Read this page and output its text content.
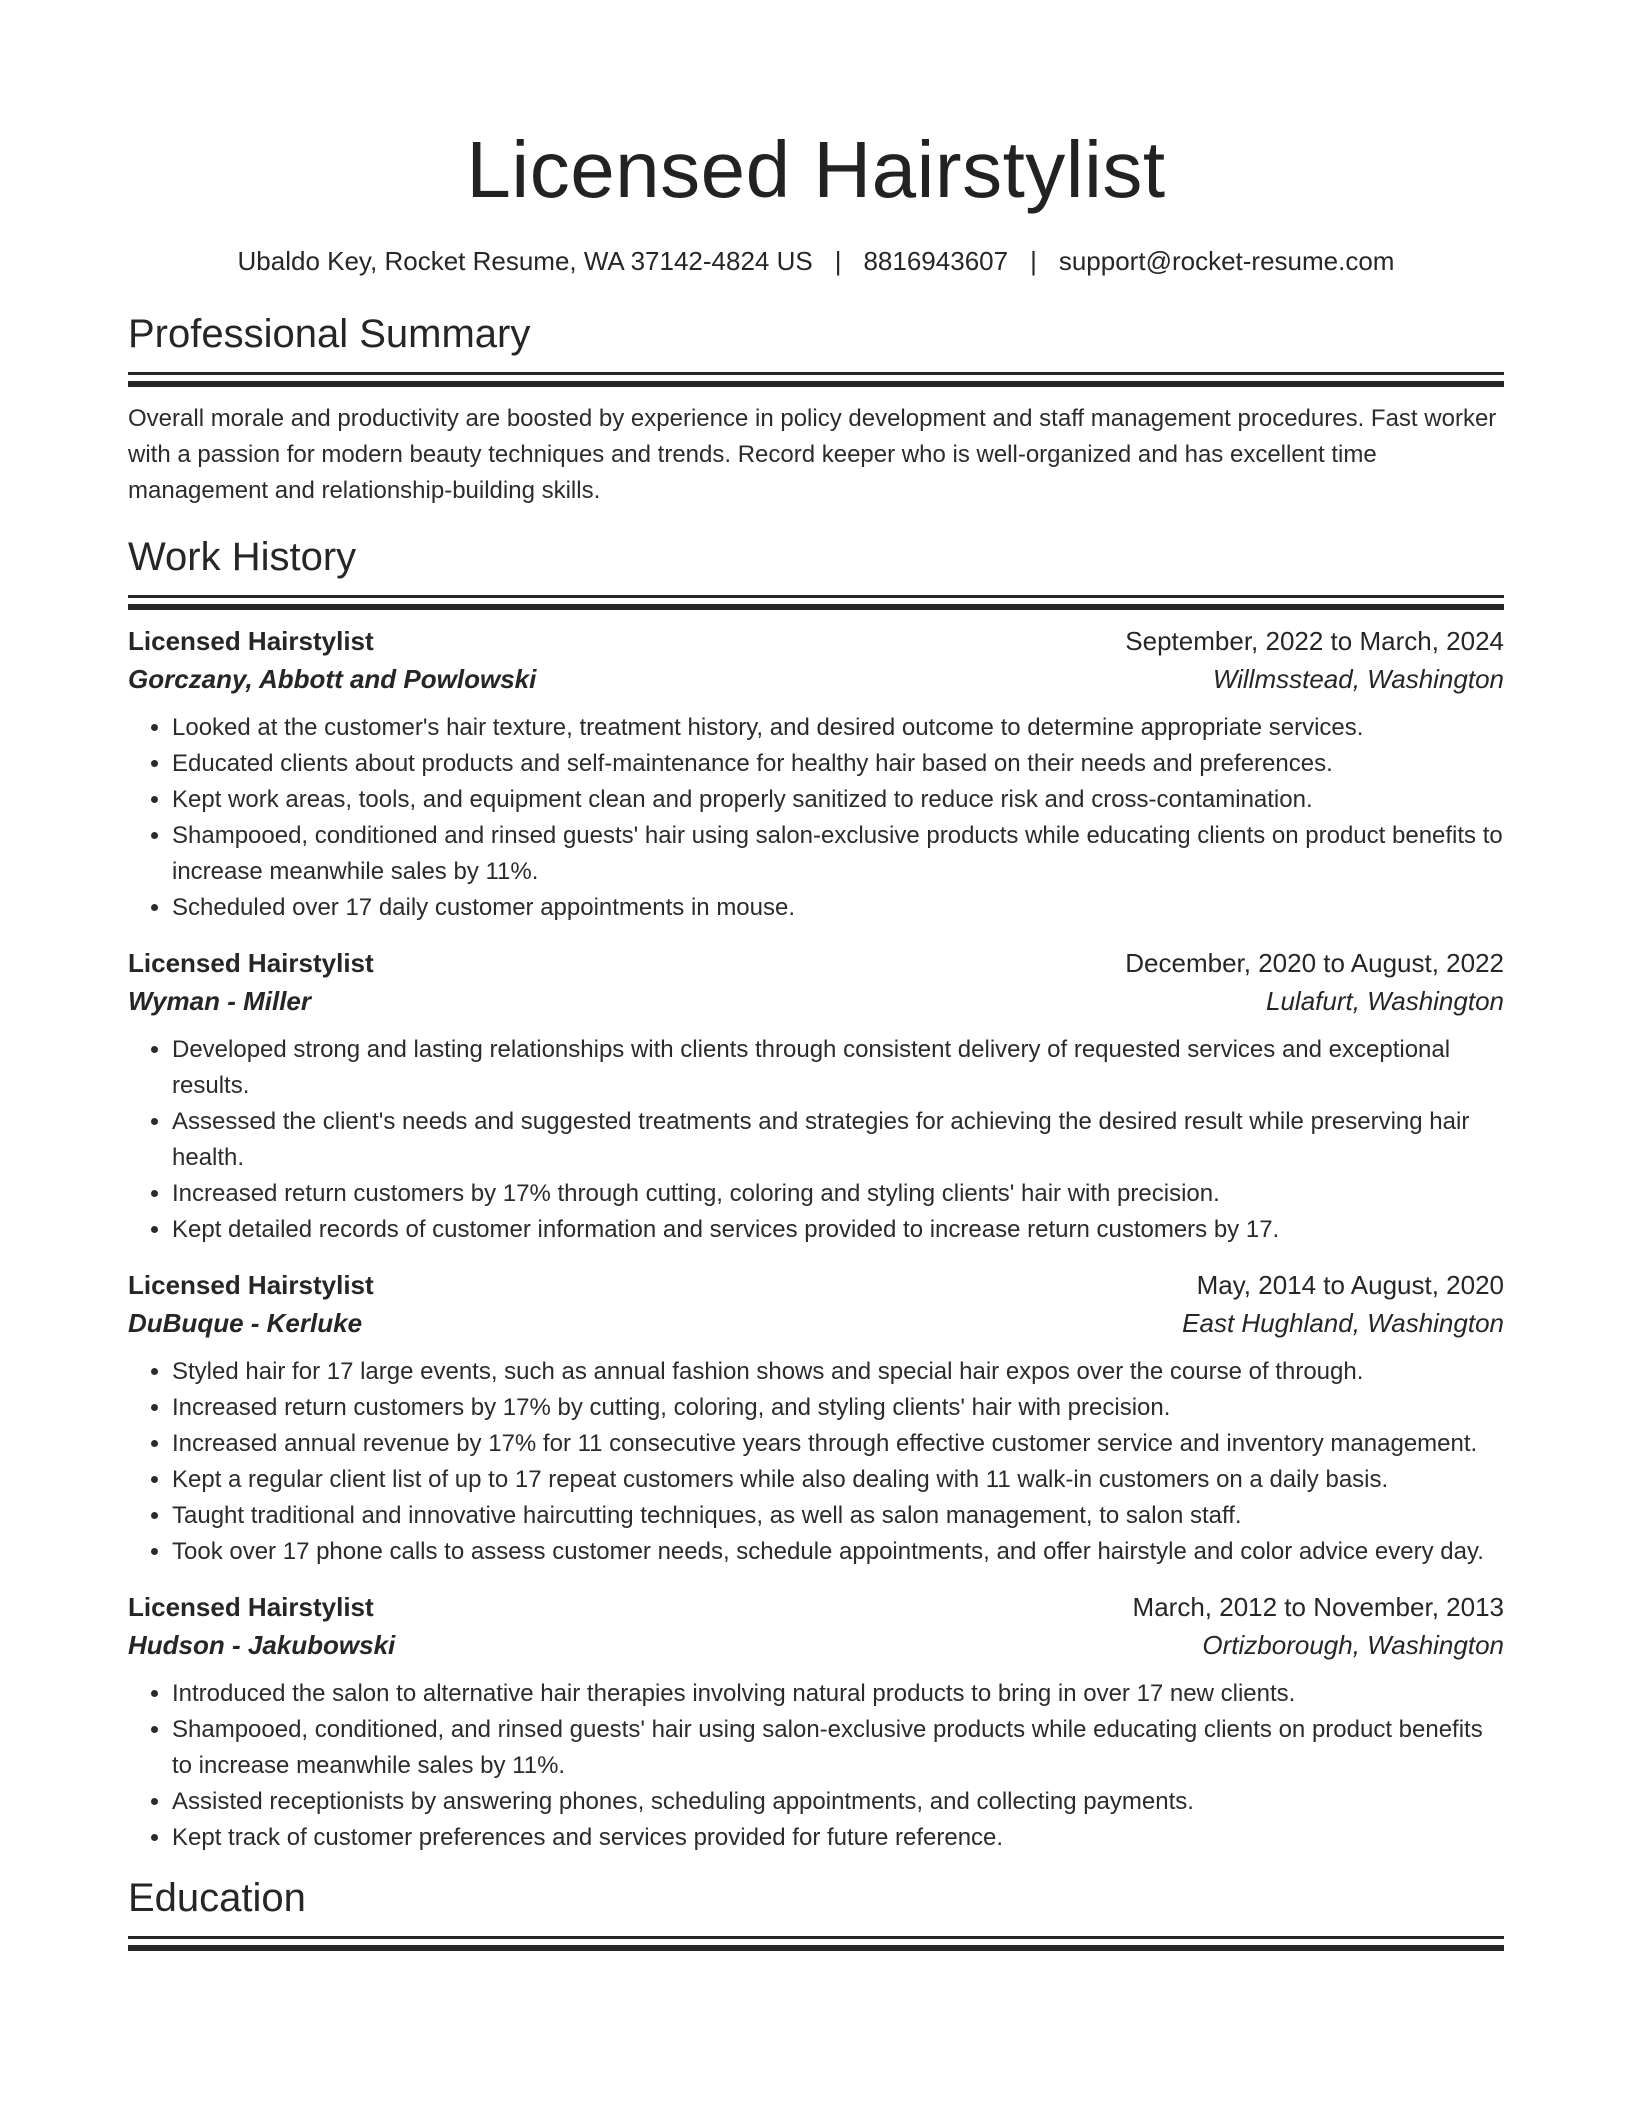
Licensed Hairstylist
Ubaldo Key, Rocket Resume, WA 37142-4824 US | 8816943607 | support@rocket-resume.com
Professional Summary

Overall morale and productivity are boosted by experience in policy development and staff management procedures. Fast worker with a passion for modern beauty techniques and trends. Record keeper who is well-organized and has excellent time management and relationship-building skills.

Work History
Licensed Hairstylist	September, 2022 to March, 2024
Gorczany, Abbott and Powlowski	Willmsstead, Washington
• Looked at the customer's hair texture, treatment history, and desired outcome to determine appropriate services.
• Educated clients about products and self-maintenance for healthy hair based on their needs and preferences.
• Kept work areas, tools, and equipment clean and properly sanitized to reduce risk and cross-contamination.
• Shampooed, conditioned and rinsed guests' hair using salon-exclusive products while educating clients on product benefits to increase meanwhile sales by 11%.
• Scheduled over 17 daily customer appointments in mouse.
Licensed Hairstylist	December, 2020 to August, 2022
Wyman - Miller	Lulafurt, Washington
• Developed strong and lasting relationships with clients through consistent delivery of requested services and exceptional results.
• Assessed the client's needs and suggested treatments and strategies for achieving the desired result while preserving hair health.
• Increased return customers by 17% through cutting, coloring and styling clients' hair with precision.
• Kept detailed records of customer information and services provided to increase return customers by 17.
Licensed Hairstylist	May, 2014 to August, 2020
DuBuque - Kerluke	East Hughland, Washington
• Styled hair for 17 large events, such as annual fashion shows and special hair expos over the course of through.
• Increased return customers by 17% by cutting, coloring, and styling clients' hair with precision.
• Increased annual revenue by 17% for 11 consecutive years through effective customer service and inventory management.
• Kept a regular client list of up to 17 repeat customers while also dealing with 11 walk-in customers on a daily basis.
• Taught traditional and innovative haircutting techniques, as well as salon management, to salon staff.
• Took over 17 phone calls to assess customer needs, schedule appointments, and offer hairstyle and color advice every day.
Licensed Hairstylist	March, 2012 to November, 2013
Hudson - Jakubowski	Ortizborough, Washington
• Introduced the salon to alternative hair therapies involving natural products to bring in over 17 new clients.
• Shampooed, conditioned, and rinsed guests' hair using salon-exclusive products while educating clients on product benefits to increase meanwhile sales by 11%.
• Assisted receptionists by answering phones, scheduling appointments, and collecting payments.
• Kept track of customer preferences and services provided for future reference.
Education
